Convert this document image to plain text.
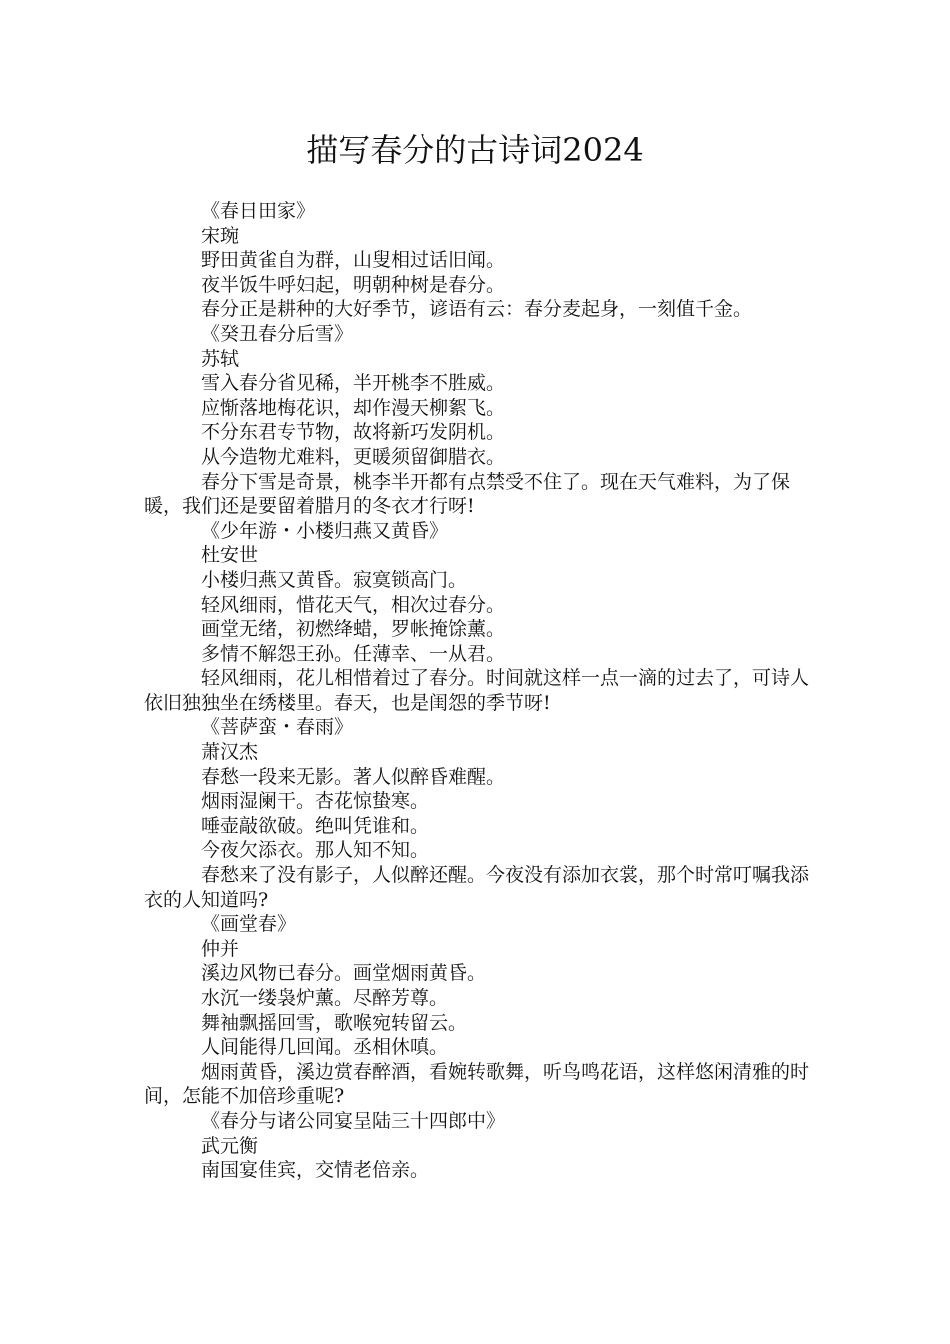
描写春分的古诗词2024
《春日田家》
宋琬
野田黄雀自为群，山叟相过话旧闻。
夜半饭牛呼妇起，明朝种树是春分。
春分正是耕种的大好季节，谚语有云：春分麦起身，一刻值千金。
《癸丑春分后雪》
苏轼
雪入春分省见稀，半开桃李不胜威。
应惭落地梅花识，却作漫天柳絮飞。
不分东君专节物，故将新巧发阴机。
从今造物尤难料，更暖须留御腊衣。
春分下雪是奇景，桃李半开都有点禁受不住了。现在天气难料，为了保暖，我们还是要留着腊月的冬衣才行呀!
《少年游・小楼归燕又黄昏》
杜安世
小楼归燕又黄昏。寂寞锁高门。
轻风细雨，惜花天气，相次过春分。
画堂无绪，初燃绛蜡，罗帐掩馀薰。
多情不解怨王孙。任薄幸、一从君。
轻风细雨，花儿相惜着过了春分。时间就这样一点一滴的过去了，可诗人依旧独独坐在绣楼里。春天，也是闺怨的季节呀!
《菩萨蛮・春雨》
萧汉杰
春愁一段来无影。著人似醉昏难醒。
烟雨湿阑干。杏花惊蛰寒。
唾壶敲欲破。绝叫凭谁和。
今夜欠添衣。那人知不知。
春愁来了没有影子，人似醉还醒。今夜没有添加衣裳，那个时常叮嘱我添衣的人知道吗?
《画堂春》
仲并
溪边风物已春分。画堂烟雨黄昏。
水沉一缕袅炉薰。尽醉芳尊。
舞袖飘摇回雪，歌喉宛转留云。
人间能得几回闻。丞相休嗔。
烟雨黄昏，溪边赏春醉酒，看婉转歌舞，听鸟鸣花语，这样悠闲清雅的时间，怎能不加倍珍重呢?
《春分与诸公同宴呈陆三十四郎中》
武元衡
南国宴佳宾，交情老倍亲。
